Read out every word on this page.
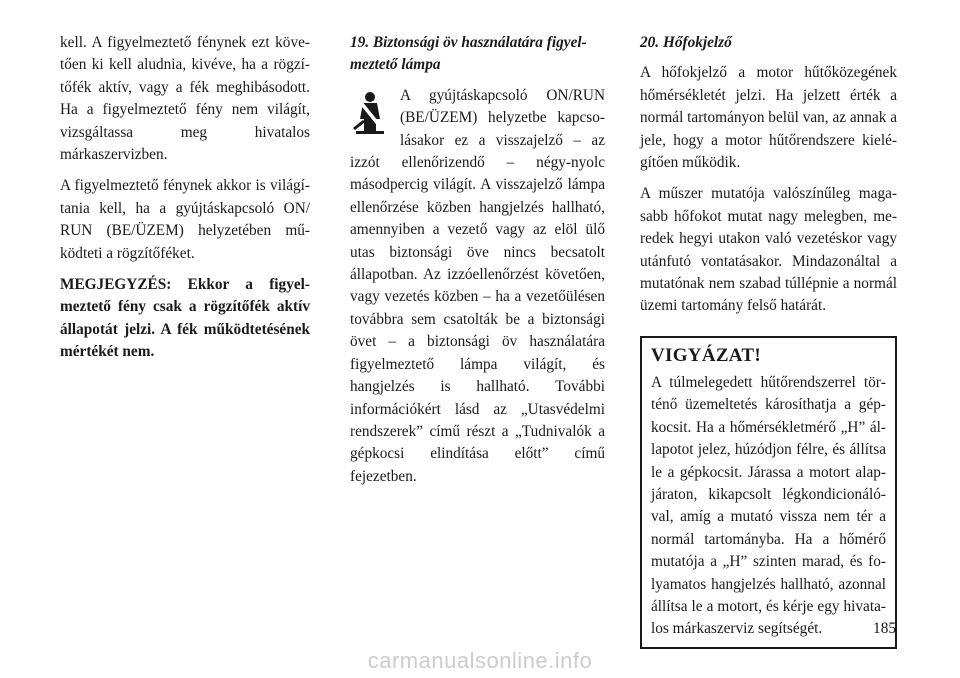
kell. A figyelmeztető fénynek ezt követően ki kell aludnia, kivéve, ha a rögzítőfék aktív, vagy a fék meghibásodott. Ha a figyelmeztető fény nem világít, vizsgáltassa meg hivatalos márkaszervizben.

A figyelmeztető fénynek akkor is világítania kell, ha a gyújtáskapcsoló ON/ RUN (BE/ÜZEM) helyzetében működteti a rögzítőféket.

MEGJEGYZÉS: Ekkor a figyelmeztető fény csak a rögzítőfék aktív állapotát jelzi. A fék működtetésének mértékét nem.

19. Biztonsági öv használatára figyelmeztető lámpa

A gyújtáskapcsoló ON/RUN (BE/ÜZEM) helyzetbe kapcsolásakor ez a visszajelző – az izzót ellenőrizendő – négy-nyolc másodpercig világít. A visszajelző lámpa ellenőrzése közben hangjelzés hallható, amennyiben a vezető vagy az elöl ülő utas biztonsági öve nincs becsatolt állapotban. Az izzóellenőrzést követően, vagy vezetés közben – ha a vezetőülésen továbbra sem csatolták be a biztonsági övet – a biztonsági öv használatára figyelmeztető lámpa világít, és hangjelzés is hallható. További információkért lásd az „Utasvédelmi rendszerek” című részt a „Tudnivalók a gépkocsi elindítása előtt” című fejezetben.

20. Hőfokjelző

A hőfokjelző a motor hűtőközegének hőmérsékletét jelzi. Ha jelzett érték a normál tartományon belül van, az annak a jele, hogy a motor hűtőrendszere kielégítően működik.

A műszer mutatója valószínűleg magasabb hőfokot mutat nagy melegben, meredek hegyi utakon való vezetéskor vagy utánfutó vontatásakor. Mindazonáltal a mutatónak nem szabad túllépnie a normál üzemi tartomány felső határát.

VIGYÁZAT!

A túlmelegedett hűtőrendszerrel történő üzemeltetés károsíthatja a gépkocsit. Ha a hőmérsékletmérő „H” állapotot jelez, húzódjon félre, és állítsa le a gépkocsit. Járassa a motort alapjáraton, kikapcsolt légkondicionálóval, amíg a mutató vissza nem tér a normál tartományba. Ha a hőmérő mutatója a „H” szinten marad, és folyamatos hangjelzés hallható, azonnal állítsa le a motort, és kérje egy hivatalos márkaszerviz segítségét.	185
carmanualsonline.info
